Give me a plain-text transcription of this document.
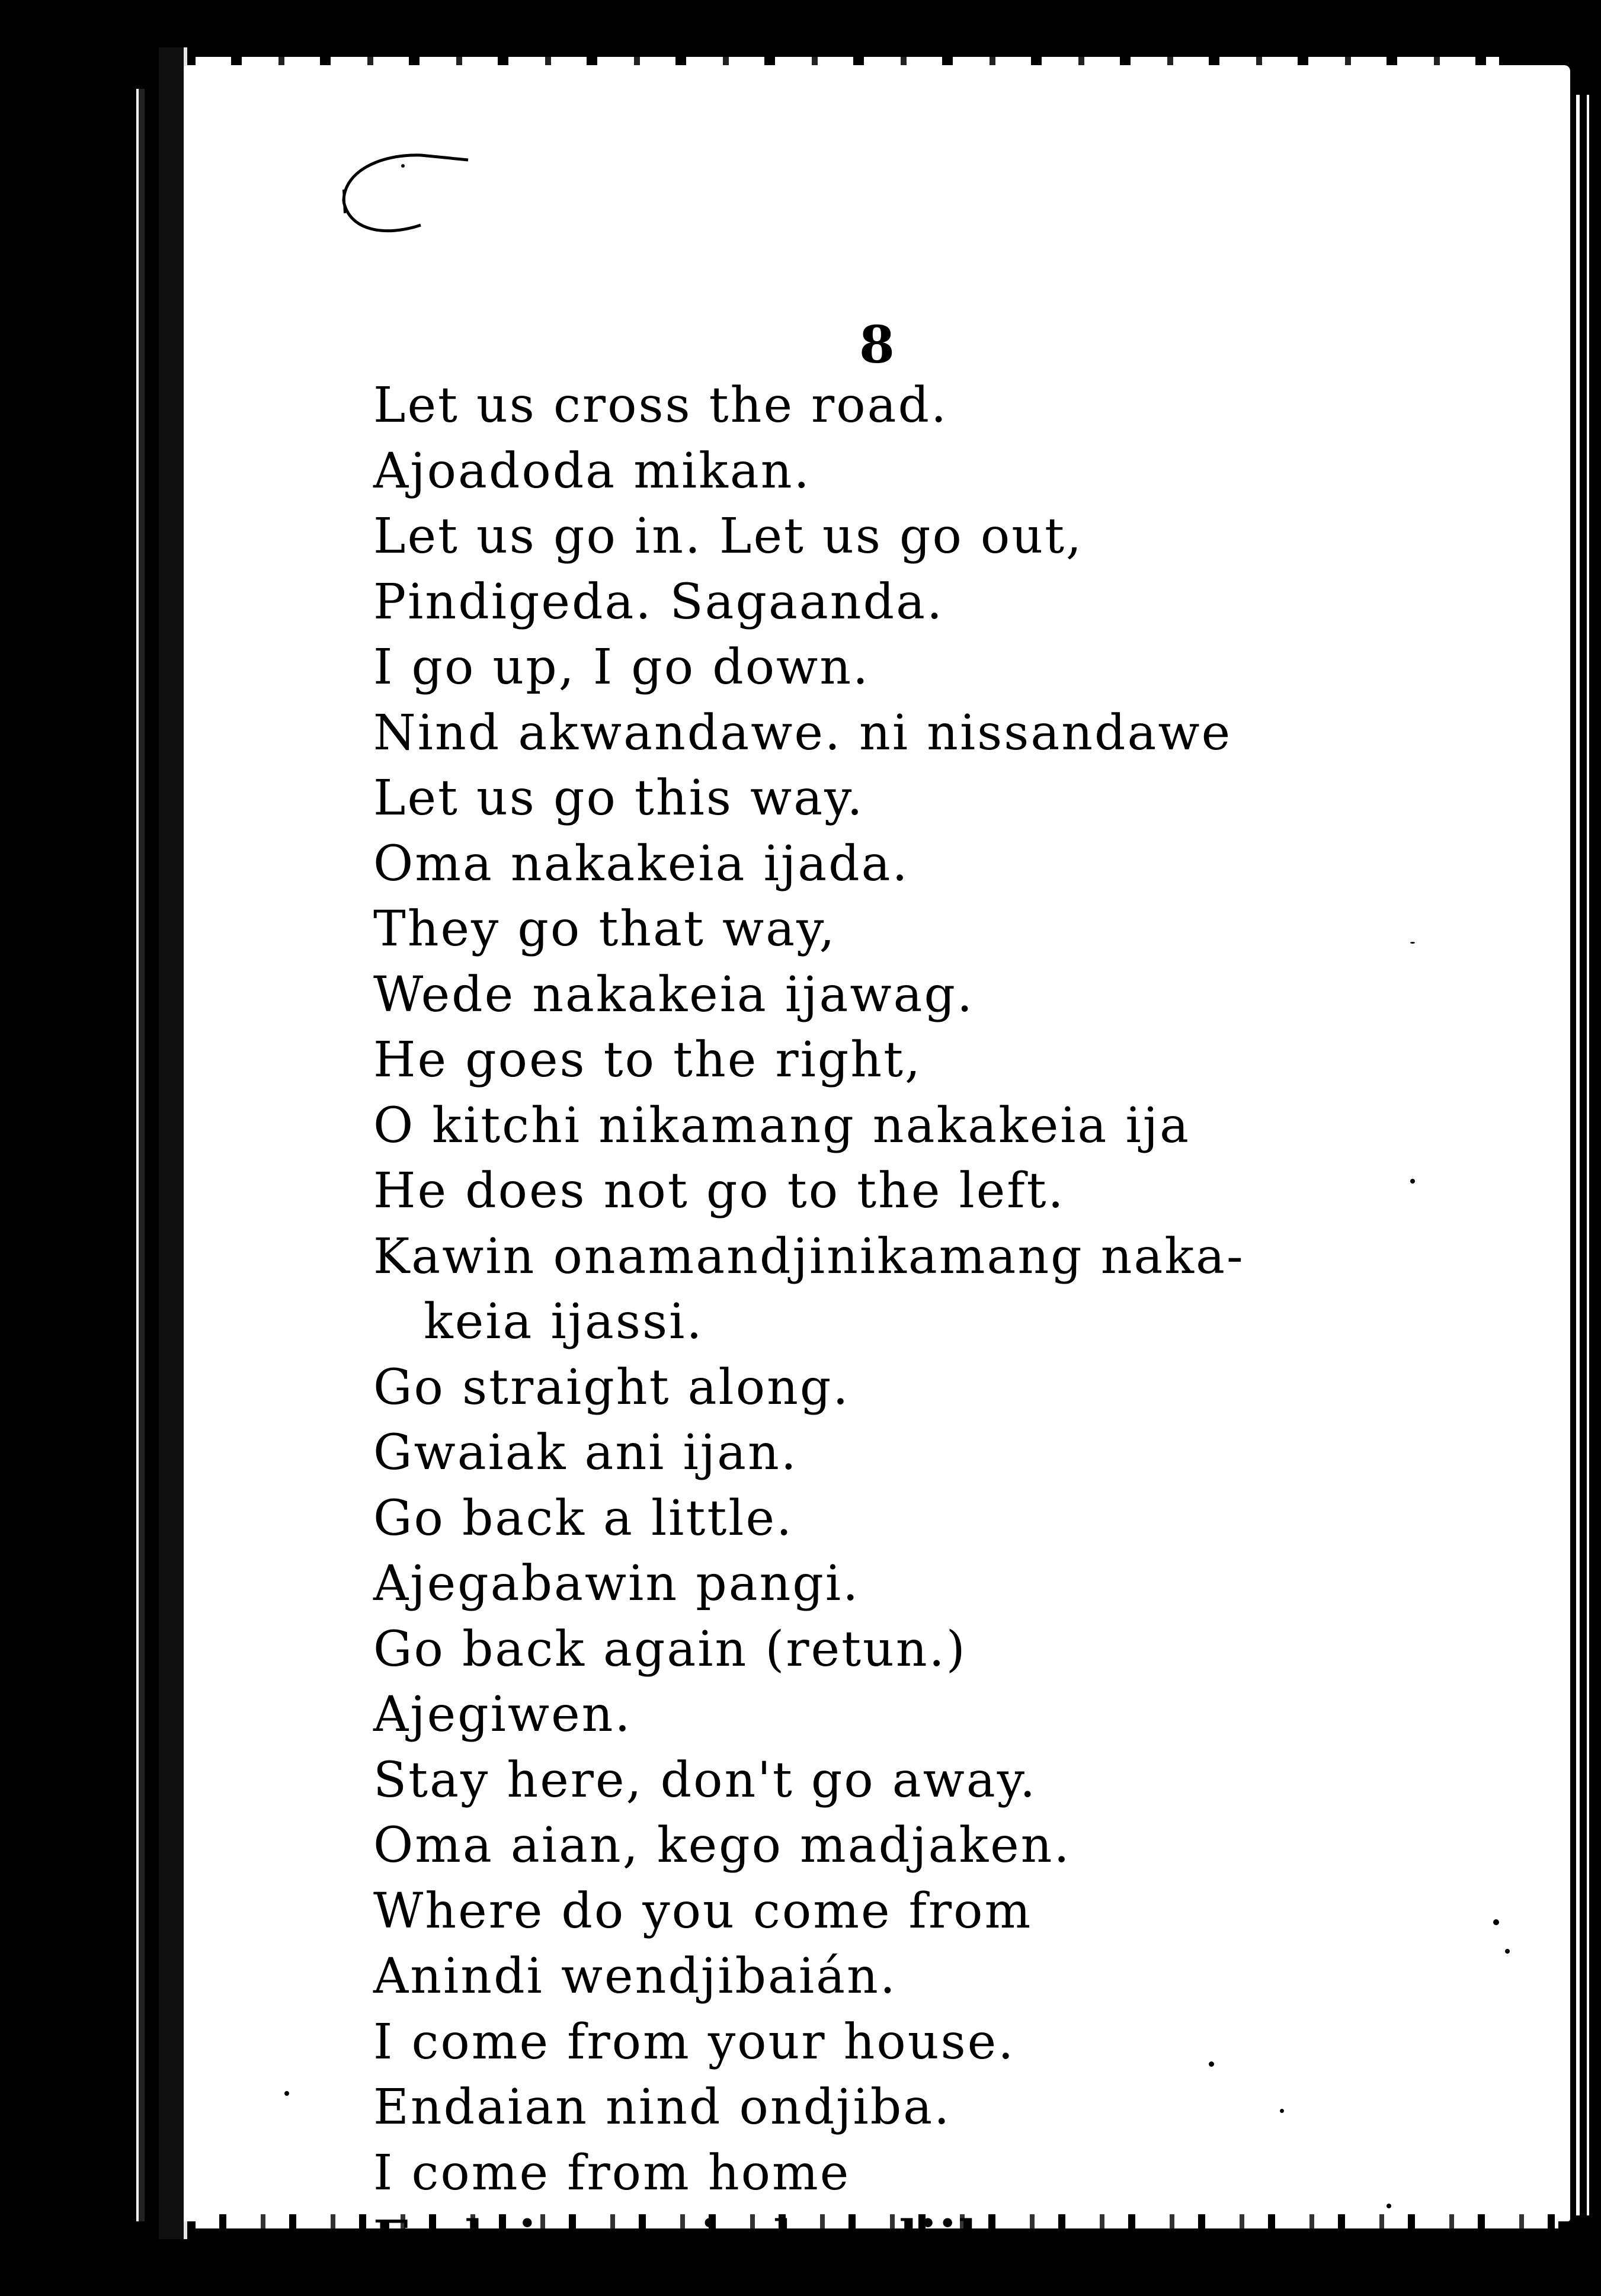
8
Let us cross the road.
Ajoadoda mikan.
Let us go in. Let us go out,
Pindigeda. Sagaanda.
I go up, I go down.
Nind akwandawe. ni nissandawe
Let us go this way.
Oma nakakeia ijada.
They go that way,
Wede nakakeia ijawag.
He goes to the right,
O kitchi nikamang nakakeia ija
He does not go to the left.
Kawin onamandjinikamang naka-
keia ijassi.
Go straight along.
Gwaiak ani ijan.
Go back a little.
Ajegabawin pangi.
Go back again (retun.)
Ajegiwen.
Stay here, don't go away.
Oma aian, kego madjaken.
Where do you come from
Anindi wendjibaián.
I come from your house.
Endaian nind ondjiba.
I come from home
Endaiang nind ondjiba
